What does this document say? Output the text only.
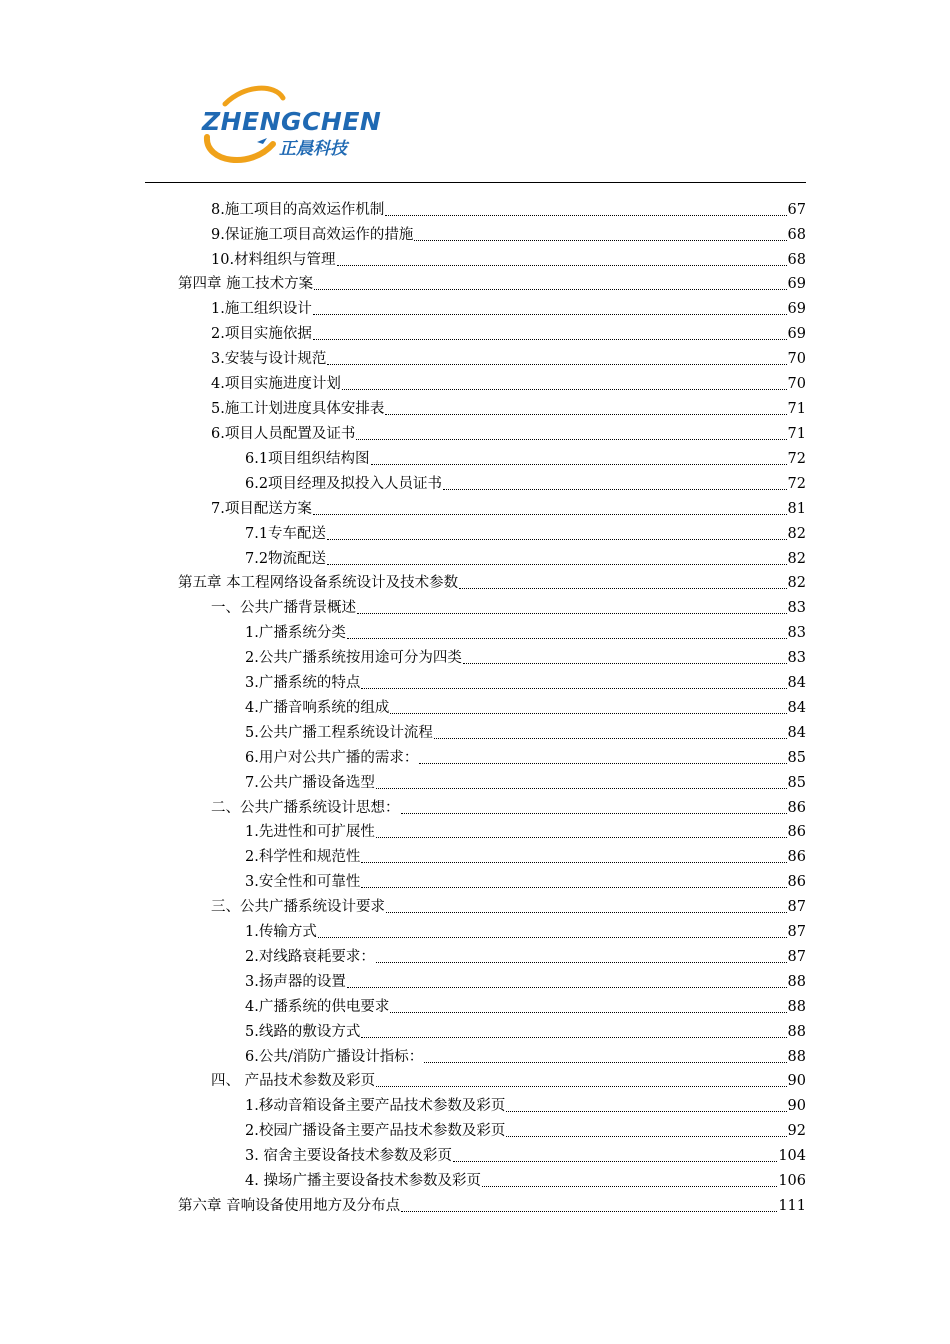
ZHENGCHEN
正晨科技
8.施工项目的高效运作机制	67
9.保证施工项目高效运作的措施	68
10.材料组织与管理	68
第四章 施工技术方案	69
1.施工组织设计	69
2.项目实施依据	69
3.安装与设计规范	70
4.项目实施进度计划	70
5.施工计划进度具体安排表	71
6.项目人员配置及证书	71
6.1项目组织结构图	72
6.2项目经理及拟投入人员证书	72
7.项目配送方案	81
7.1专车配送	82
7.2物流配送	82
第五章 本工程网络设备系统设计及技术参数	82
一、公共广播背景概述	83
1.广播系统分类	83
2.公共广播系统按用途可分为四类	83
3.广播系统的特点	84
4.广播音响系统的组成	84
5.公共广播工程系统设计流程	84
6.用户对公共广播的需求：	85
7.公共广播设备选型	85
二、公共广播系统设计思想：	86
1.先进性和可扩展性	86
2.科学性和规范性	86
3.安全性和可靠性	86
三、公共广播系统设计要求	87
1.传输方式	87
2.对线路衰耗要求：	87
3.扬声器的设置	88
4.广播系统的供电要求	88
5.线路的敷设方式	88
6.公共/消防广播设计指标：	88
四、 产品技术参数及彩页	90
1.移动音箱设备主要产品技术参数及彩页	90
2.校园广播设备主要产品技术参数及彩页	92
3. 宿舍主要设备技术参数及彩页	104
4. 操场广播主要设备技术参数及彩页	106
第六章 音响设备使用地方及分布点	111
